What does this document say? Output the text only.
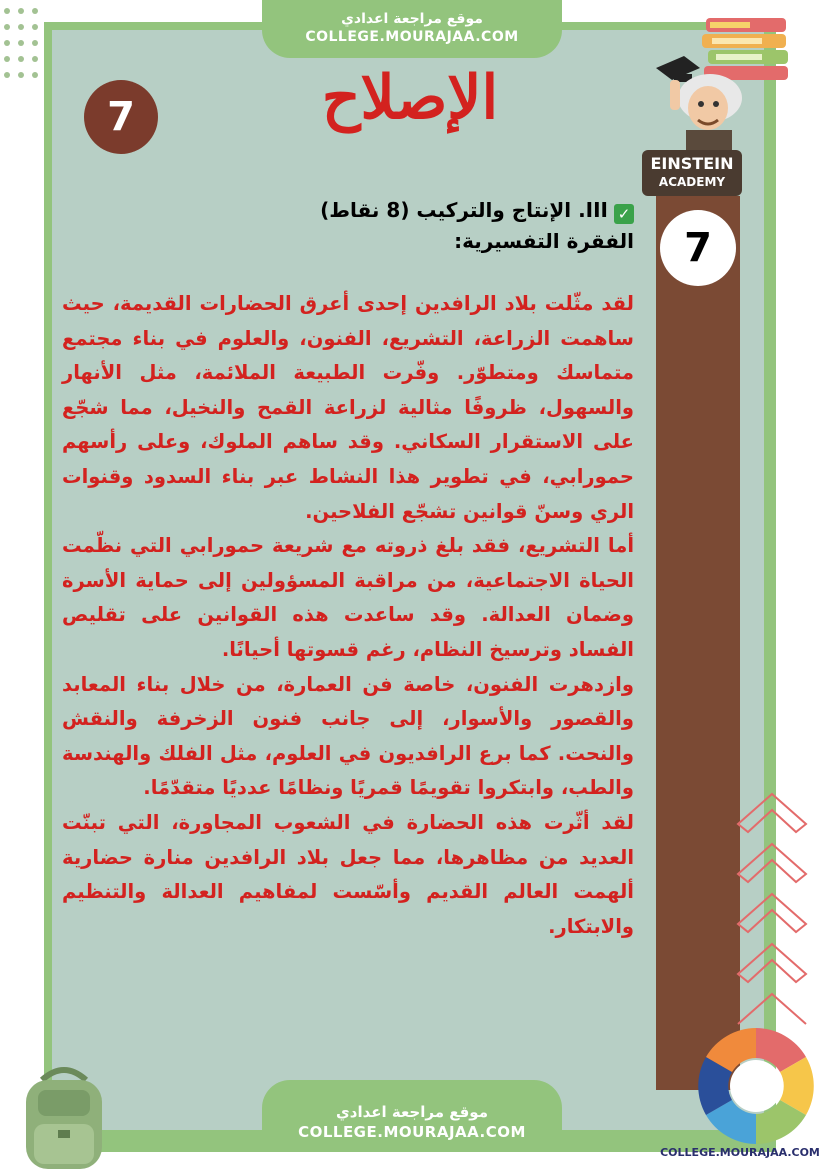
موقع مراجعة اعدادي
COLLEGE.MOURAJAA.COM
الإصلاح
7
EINSTEIN
ACADEMY
7
✓III. الإنتاج والتركيب (8 نقاط)
الفقرة التفسيرية:

لقد مثّلت بلاد الرافدين إحدى أعرق الحضارات القديمة، حيث ساهمت الزراعة، التشريع، الفنون، والعلوم في بناء مجتمع متماسك ومتطوّر. وفّرت الطبيعة الملائمة، مثل الأنهار والسهول، ظروفًا مثالية لزراعة القمح والنخيل، مما شجّع على الاستقرار السكاني. وقد ساهم الملوك، وعلى رأسهم حمورابي، في تطوير هذا النشاط عبر بناء السدود وقنوات الري وسنّ قوانين تشجّع الفلاحين.

أما التشريع، فقد بلغ ذروته مع شريعة حمورابي التي نظّمت الحياة الاجتماعية، من مراقبة المسؤولين إلى حماية الأسرة وضمان العدالة. وقد ساعدت هذه القوانين على تقليص الفساد وترسيخ النظام، رغم قسوتها أحيانًا.

وازدهرت الفنون، خاصة فن العمارة، من خلال بناء المعابد والقصور والأسوار، إلى جانب فنون الزخرفة والنقش والنحت. كما برع الرافديون في العلوم، مثل الفلك والهندسة والطب، وابتكروا تقويمًا قمريًا ونظامًا عدديًا متقدّمًا.

لقد أثّرت هذه الحضارة في الشعوب المجاورة، التي تبنّت العديد من مظاهرها، مما جعل بلاد الرافدين منارة حضارية ألهمت العالم القديم وأسّست لمفاهيم العدالة والتنظيم والابتكار.

موقع مراجعة اعدادي
COLLEGE.MOURAJAA.COM
COLLEGE.MOURAJAA.COM
